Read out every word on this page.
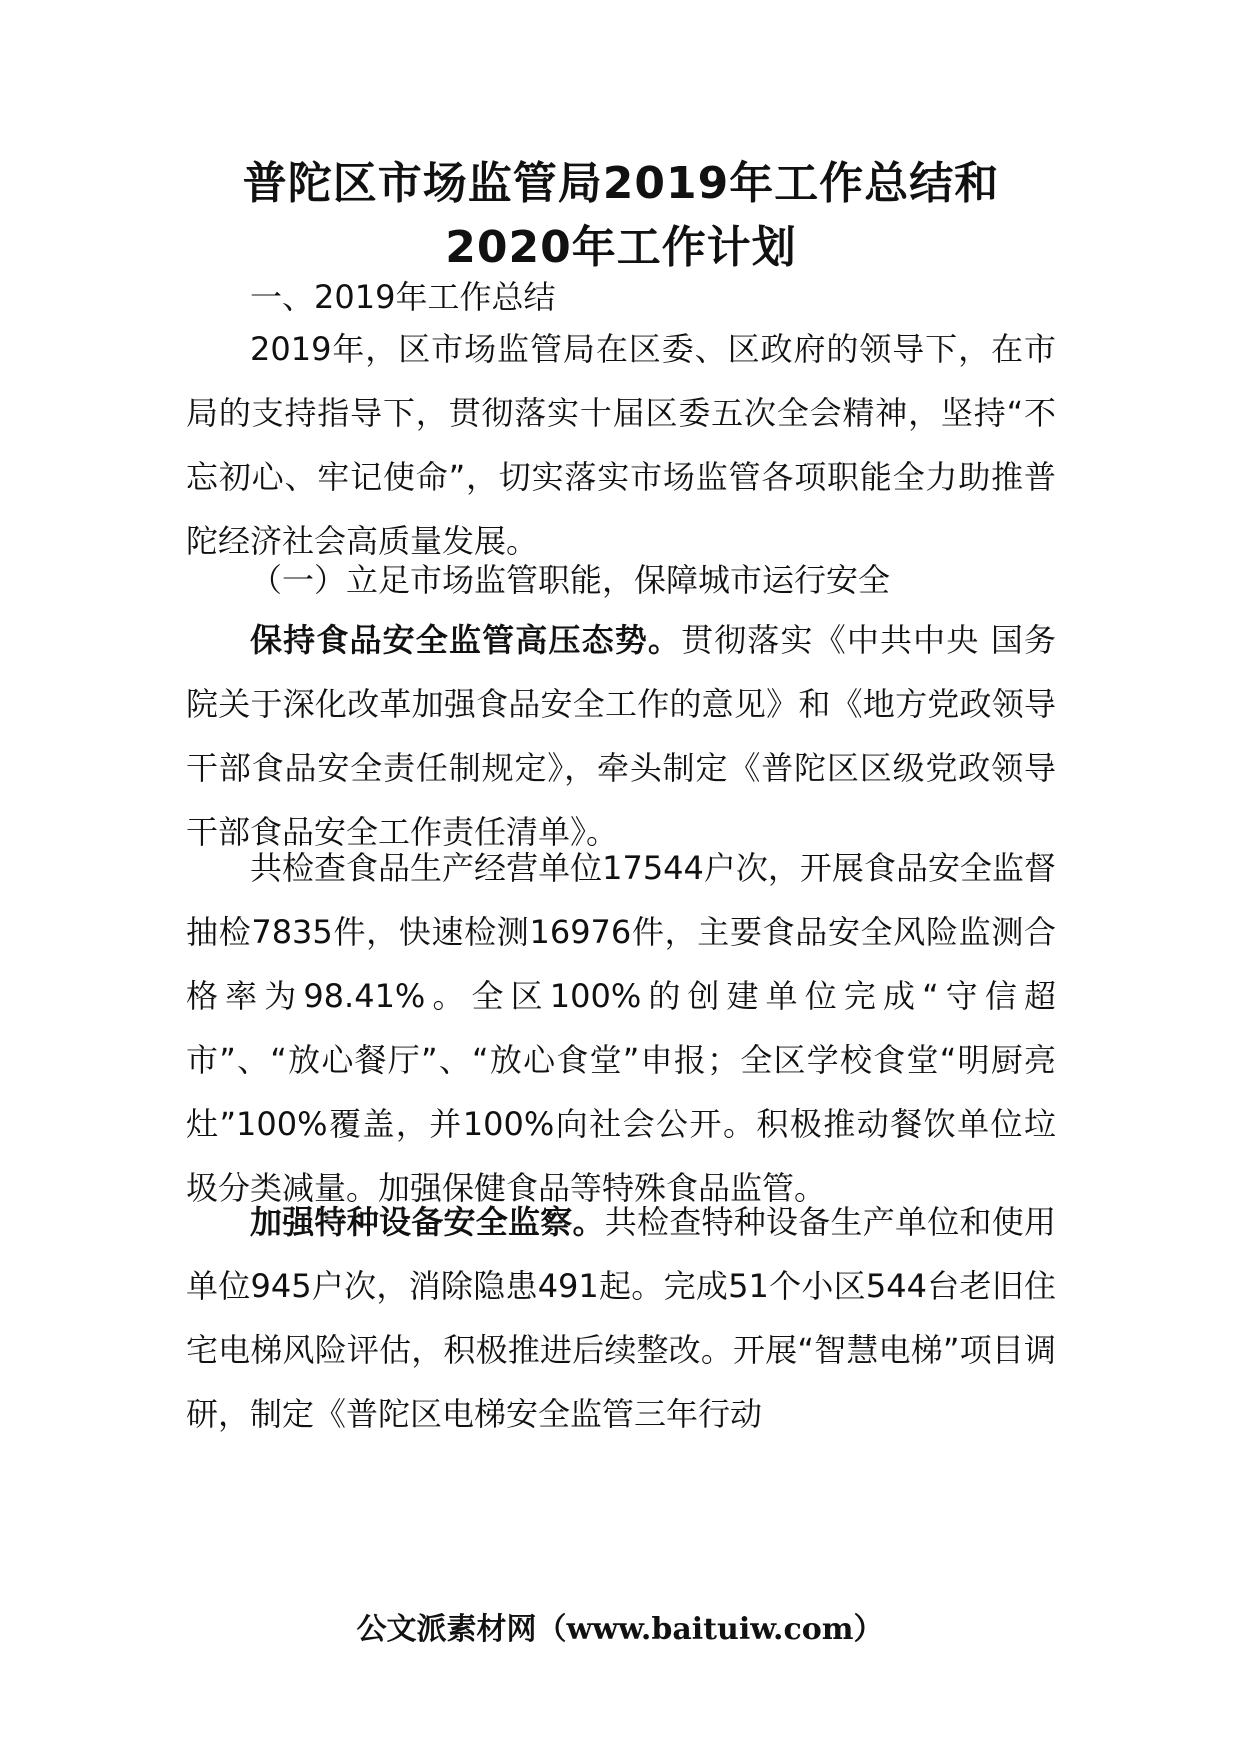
普陀区市场监管局2019年工作总结和2020年工作计划
一、2019年工作总结

2019年，区市场监管局在区委、区政府的领导下，在市局的支持指导下，贯彻落实十届区委五次全会精神，坚持“不忘初心、牢记使命”，切实落实市场监管各项职能全力助推普陀经济社会高质量发展。

（一）立足市场监管职能，保障城市运行安全

保持食品安全监管高压态势。贯彻落实《中共中央 国务院关于深化改革加强食品安全工作的意见》和《地方党政领导干部食品安全责任制规定》，牵头制定《普陀区区级党政领导干部食品安全工作责任清单》。

共检查食品生产经营单位17544户次，开展食品安全监督抽检7835件，快速检测16976件，主要食品安全风险监测合格率为98.41%。全区100%的创建单位完成“守信超市”、“放心餐厅”、“放心食堂”申报；全区学校食堂“明厨亮灶”100%覆盖，并100%向社会公开。积极推动餐饮单位垃圾分类减量。加强保健食品等特殊食品监管。

加强特种设备安全监察。共检查特种设备生产单位和使用单位945户次，消除隐患491起。完成51个小区544台老旧住宅电梯风险评估，积极推进后续整改。开展“智慧电梯”项目调研，制定《普陀区电梯安全监管三年行动

公文派素材网（www.baituiw.com）
